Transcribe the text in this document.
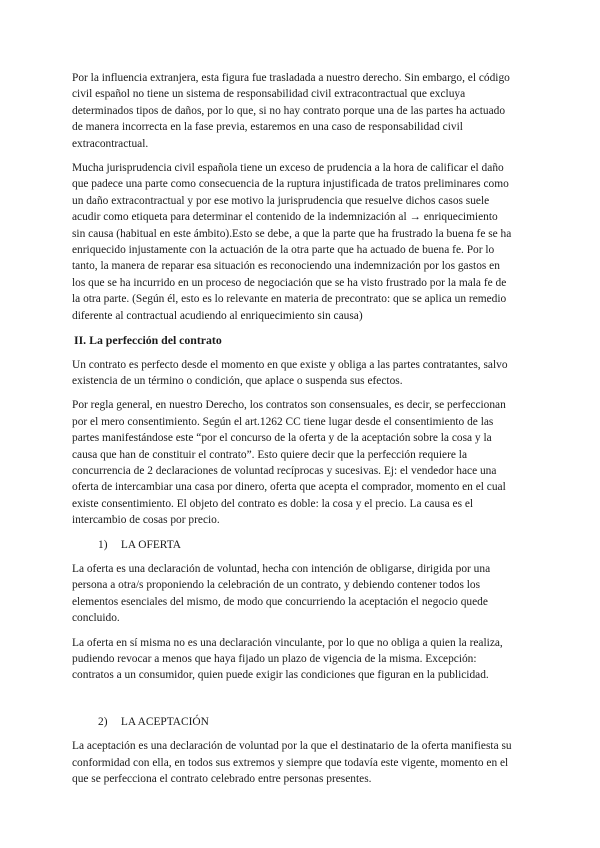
Por la influencia extranjera, esta figura fue trasladada a nuestro derecho. Sin embargo, el código civil español no tiene un sistema de responsabilidad civil extracontractual que excluya determinados tipos de daños, por lo que, si no hay contrato porque una de las partes ha actuado de manera incorrecta en la fase previa, estaremos en una caso de responsabilidad civil extracontractual.

Mucha jurisprudencia civil española tiene un exceso de prudencia a la hora de calificar el daño que padece una parte como consecuencia de la ruptura injustificada de tratos preliminares como un daño extracontractual y por ese motivo la jurisprudencia que resuelve dichos casos suele acudir como etiqueta para determinar el contenido de la indemnización al → enriquecimiento sin causa (habitual en este ámbito).Esto se debe, a que la parte que ha frustrado la buena fe se ha enriquecido injustamente con la actuación de la otra parte que ha actuado de buena fe. Por lo tanto, la manera de reparar esa situación es reconociendo una indemnización por los gastos en los que se ha incurrido en un proceso de negociación que se ha visto frustrado por la mala fe de la otra parte. (Según él, esto es lo relevante en materia de precontrato: que se aplica un remedio diferente al contractual acudiendo al enriquecimiento sin causa)

II. La perfección del contrato

Un contrato es perfecto desde el momento en que existe y obliga a las partes contratantes, salvo existencia de un término o condición, que aplace o suspenda sus efectos.

Por regla general, en nuestro Derecho, los contratos son consensuales, es decir, se perfeccionan por el mero consentimiento. Según el art.1262 CC tiene lugar desde el consentimiento de las partes manifestándose este “por el concurso de la oferta y de la aceptación sobre la cosa y la causa que han de constituir el contrato”. Esto quiere decir que la perfección requiere la concurrencia de 2 declaraciones de voluntad recíprocas y sucesivas. Ej: el vendedor hace una oferta de intercambiar una casa por dinero, oferta que acepta el comprador, momento en el cual existe consentimiento. El objeto del contrato es doble: la cosa y el precio. La causa es el intercambio de cosas por precio.

1) LA OFERTA

La oferta es una declaración de voluntad, hecha con intención de obligarse, dirigida por una persona a otra/s proponiendo la celebración de un contrato, y debiendo contener todos los elementos esenciales del mismo, de modo que concurriendo la aceptación el negocio quede concluido.

La oferta en sí misma no es una declaración vinculante, por lo que no obliga a quien la realiza, pudiendo revocar a menos que haya fijado un plazo de vigencia de la misma. Excepción: contratos a un consumidor, quien puede exigir las condiciones que figuran en la publicidad.

2) LA ACEPTACIÓN

La aceptación es una declaración de voluntad por la que el destinatario de la oferta manifiesta su conformidad con ella, en todos sus extremos y siempre que todavía este vigente, momento en el que se perfecciona el contrato celebrado entre personas presentes.
